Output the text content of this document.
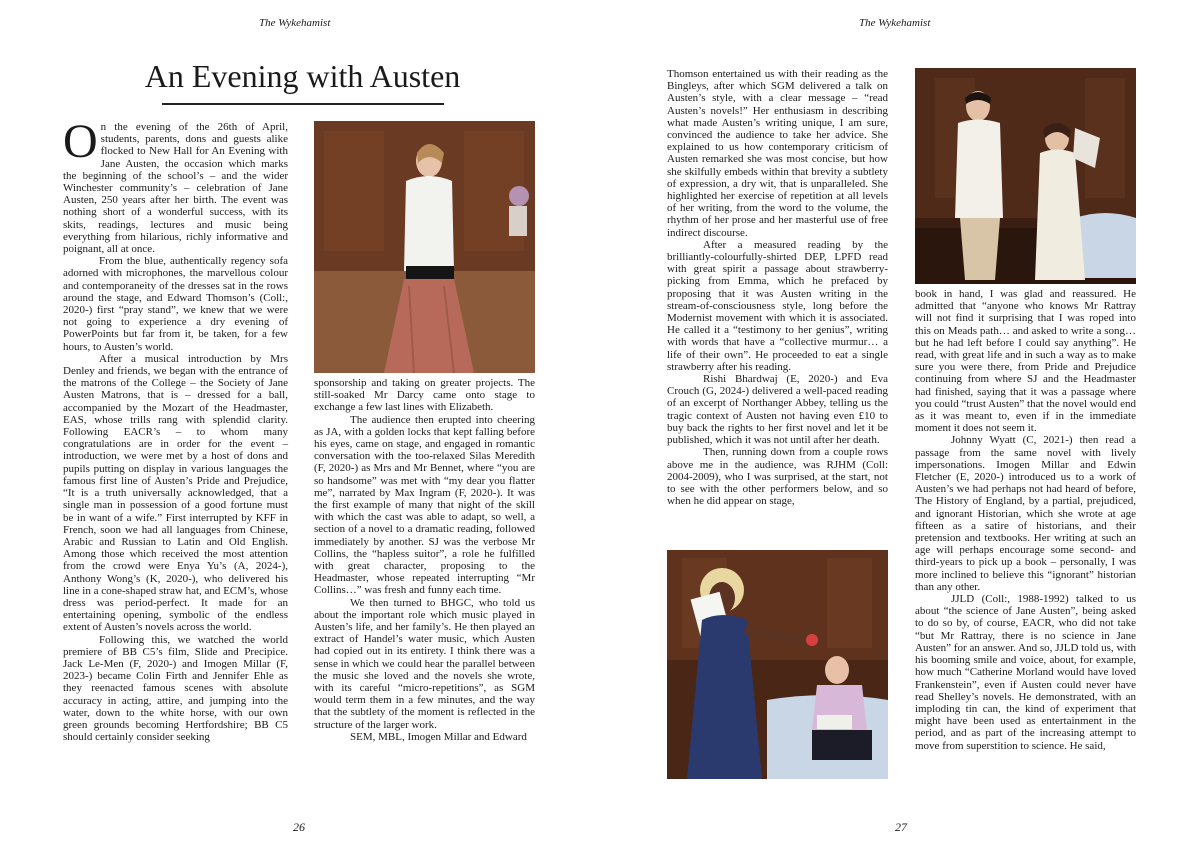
The Wykehamist
An Evening with Austen

On the evening of the 26th of April, students, parents, dons and guests alike flocked to New Hall for An Evening with Jane Austen, the occasion which marks the beginning of the school’s – and the wider Winchester community’s – celebration of Jane Austen, 250 years after her birth. The event was nothing short of a wonderful success, with its skits, readings, lectures and music being everything from hilarious, richly informative and poignant, all at once.

From the blue, authentically regency sofa adorned with microphones, the marvellous colour and contemporaneity of the dresses sat in the rows around the stage, and Edward Thomson’s (Coll:, 2020-) first “pray stand”, we knew that we were not going to experience a dry evening of PowerPoints but far from it, be taken, for a few hours, to Austen’s world.

After a musical introduction by Mrs Denley and friends, we began with the entrance of the matrons of the College – the Society of Jane Austen Matrons, that is – dressed for a ball, accompanied by the Mozart of the Headmaster, EAS, whose trills rang with splendid clarity. Following EACR’s – to whom many congratulations are in order for the event – introduction, we were met by a host of dons and pupils putting on display in various languages the famous first line of Austen’s Pride and Prejudice, “It is a truth universally acknowledged, that a single man in possession of a good fortune must be in want of a wife.” First interrupted by KFF in French, soon we had all languages from Chinese, Arabic and Russian to Latin and Old English. Among those which received the most attention from the crowd were Enya Yu’s (A, 2024-), Anthony Wong’s (K, 2020-), who delivered his line in a cone-shaped straw hat, and ECM’s, whose dress was period-perfect. It made for an entertaining opening, symbolic of the endless extent of Austen’s novels across the world.

Following this, we watched the world premiere of BB C5’s film, Slide and Precipice. Jack Le-Men (F, 2020-) and Imogen Millar (F, 2023-) became Colin Firth and Jennifer Ehle as they reenacted famous scenes with absolute accuracy in acting, attire, and jumping into the water, down to the white horse, with our own green grounds becoming Hertfordshire; BB C5 should certainly consider seeking

sponsorship and taking on greater projects. The still-soaked Mr Darcy came onto stage to exchange a few last lines with Elizabeth.

The audience then erupted into cheering as JA, with a golden locks that kept falling before his eyes, came on stage, and engaged in romantic conversation with the too-relaxed Silas Meredith (F, 2020-) as Mrs and Mr Bennet, where “you are so handsome” was met with “my dear you flatter me”, narrated by Max Ingram (F, 2020-). It was the first example of many that night of the skill with which the cast was able to adapt, so well, a section of a novel to a dramatic reading, followed immediately by another. SJ was the verbose Mr Collins, the “hapless suitor”, a role he fulfilled with great character, proposing to the Headmaster, whose repeated interrupting “Mr Collins…” was fresh and funny each time.

We then turned to BHGC, who told us about the important role which music played in Austen’s life, and her family’s. He then played an extract of Handel’s water music, which Austen had copied out in its entirety. I think there was a sense in which we could hear the parallel between the music she loved and the novels she wrote, with its careful “micro-repetitions”, as SGM would term them in a few minutes, and the way that the subtlety of the moment is reflected in the structure of the larger work.

SEM, MBL, Imogen Millar and Edward

26
The Wykehamist

Thomson entertained us with their reading as the Bingleys, after which SGM delivered a talk on Austen’s style, with a clear message – “read Austen’s novels!” Her enthusiasm in describing what made Austen’s writing unique, I am sure, convinced the audience to take her advice. She explained to us how contemporary criticism of Austen remarked she was most concise, but how she skilfully embeds within that brevity a subtlety of expression, a dry wit, that is unparalleled. She highlighted her exercise of repetition at all levels of her writing, from the word to the volume, the rhythm of her prose and her masterful use of free indirect discourse.

After a measured reading by the brilliantly-colourfully-shirted DEP, LPFD read with great spirit a passage about strawberry-picking from Emma, which he prefaced by proposing that it was Austen writing in the stream-of-consciousness style, long before the Modernist movement with which it is associated. He called it a “testimony to her genius”, writing with words that have a “collective murmur… a life of their own”. He proceeded to eat a single strawberry after his reading.

Rishi Bhardwaj (E, 2020-) and Eva Crouch (G, 2024-) delivered a well-paced reading of an excerpt of Northanger Abbey, telling us the tragic context of Austen not having even £10 to buy back the rights to her first novel and let it be published, which it was not until after her death.

Then, running down from a couple rows above me in the audience, was RJHM (Coll: 2004-2009), who I was surprised, at the start, not to see with the other performers below, and so when he did appear on stage,

book in hand, I was glad and reassured. He admitted that “anyone who knows Mr Rattray will not find it surprising that I was roped into this on Meads path… and asked to write a song… but he had left before I could say anything”. He read, with great life and in such a way as to make sure you were there, from Pride and Prejudice continuing from where SJ and the Headmaster had finished, saying that it was a passage where you could “trust Austen” that the novel would end as it was meant to, even if in the immediate moment it does not seem it.

Johnny Wyatt (C, 2021-) then read a passage from the same novel with lively impersonations. Imogen Millar and Edwin Fletcher (E, 2020-) introduced us to a work of Austen’s we had perhaps not had heard of before, The History of England, by a partial, prejudiced, and ignorant Historian, which she wrote at age fifteen as a satire of historians, and their pretension and textbooks. Her writing at such an age will perhaps encourage some second- and third-years to pick up a book – personally, I was more inclined to believe this “ignorant” historian than any other.

JJLD (Coll:, 1988-1992) talked to us about “the science of Jane Austen”, being asked to do so by, of course, EACR, who did not take “but Mr Rattray, there is no science in Jane Austen” for an answer. And so, JJLD told us, with his booming smile and voice, about, for example, how much “Catherine Morland would have loved Frankenstein”, even if Austen could never have read Shelley’s novels. He demonstrated, with an imploding tin can, the kind of experiment that might have been used as entertainment in the period, and as part of the increasing attempt to move from superstition to science. He said,

27
